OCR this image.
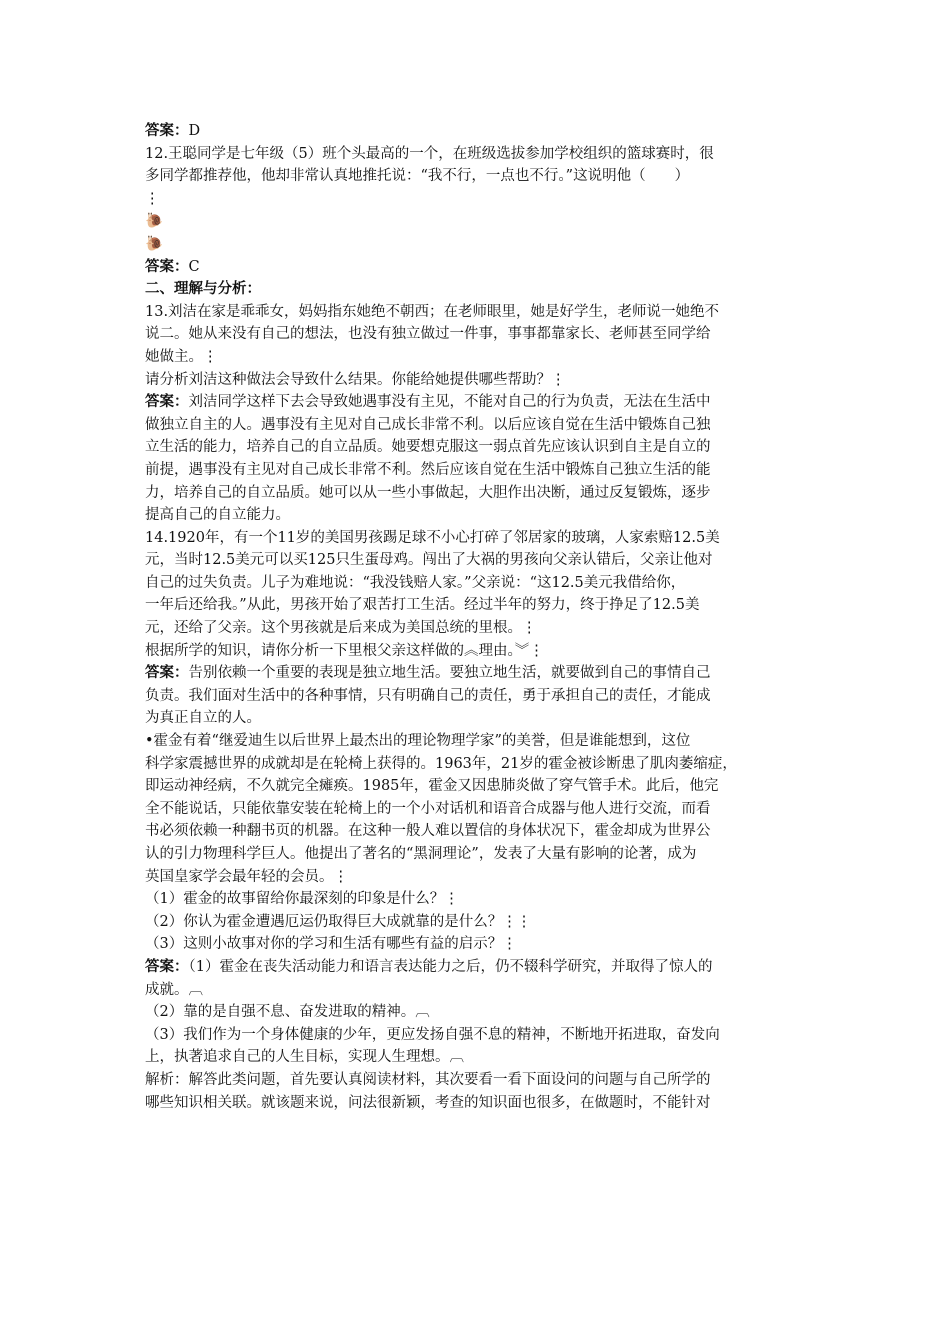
答案：D
12.王聪同学是七年级（5）班个头最高的一个，在班级选拔参加学校组织的篮球赛时，很
多同学都推荐他，他却非常认真地推托说：“我不行，一点也不行。”这说明他（　　）
⋮
🐌
🐌
答案：C
二、理解与分析：
13.刘洁在家是乖乖女，妈妈指东她绝不朝西；在老师眼里，她是好学生，老师说一她绝不
说二。她从来没有自己的想法，也没有独立做过一件事，事事都靠家长、老师甚至同学给
她做主。⋮
请分析刘洁这种做法会导致什么结果。你能给她提供哪些帮助？⋮
答案：刘洁同学这样下去会导致她遇事没有主见，不能对自己的行为负责，无法在生活中
做独立自主的人。遇事没有主见对自己成长非常不利。以后应该自觉在生活中锻炼自己独
立生活的能力，培养自己的自立品质。她要想克服这一弱点首先应该认识到自主是自立的
前提，遇事没有主见对自己成长非常不利。然后应该自觉在生活中锻炼自己独立生活的能
力，培养自己的自立品质。她可以从一些小事做起，大胆作出决断，通过反复锻炼，逐步
提高自己的自立能力。
14.1920年，有一个11岁的美国男孩踢足球不小心打碎了邻居家的玻璃，人家索赔12.5美
元，当时12.5美元可以买125只生蛋母鸡。闯出了大祸的男孩向父亲认错后，父亲让他对
自己的过失负责。儿子为难地说：“我没钱赔人家。”父亲说：“这12.5美元我借给你，
一年后还给我。”从此，男孩开始了艰苦打工生活。经过半年的努力，终于挣足了12.5美
元，还给了父亲。这个男孩就是后来成为美国总统的里根。⋮
根据所学的知识，请你分析一下里根父亲这样做的︽理由。︾⋮
答案：告别依赖一个重要的表现是独立地生活。要独立地生活，就要做到自己的事情自己
负责。我们面对生活中的各种事情，只有明确自己的责任，勇于承担自己的责任，才能成
为真正自立的人。
•霍金有着“继爱迪生以后世界上最杰出的理论物理学家”的美誉，但是谁能想到，这位
科学家震撼世界的成就却是在轮椅上获得的。1963年，21岁的霍金被诊断患了肌肉萎缩症，
即运动神经病，不久就完全瘫痪。1985年，霍金又因患肺炎做了穿气管手术。此后，他完
全不能说话，只能依靠安装在轮椅上的一个小对话机和语音合成器与他人进行交流，而看
书必须依赖一种翻书页的机器。在这种一般人难以置信的身体状况下，霍金却成为世界公
认的引力物理科学巨人。他提出了著名的“黑洞理论”，发表了大量有影响的论著，成为
英国皇家学会最年轻的会员。⋮
（1）霍金的故事留给你最深刻的印象是什么？⋮
（2）你认为霍金遭遇厄运仍取得巨大成就靠的是什么？⋮⋮
（3）这则小故事对你的学习和生活有哪些有益的启示？⋮
答案：（1）霍金在丧失活动能力和语言表达能力之后，仍不辍科学研究，并取得了惊人的
成就。︹
（2）靠的是自强不息、奋发进取的精神。︹
（3）我们作为一个身体健康的少年，更应发扬自强不息的精神，不断地开拓进取，奋发向
上，执著追求自己的人生目标，实现人生理想。︹
解析：解答此类问题，首先要认真阅读材料，其次要看一看下面设问的问题与自己所学的
哪些知识相关联。就该题来说，问法很新颖，考查的知识面也很多，在做题时，不能针对
